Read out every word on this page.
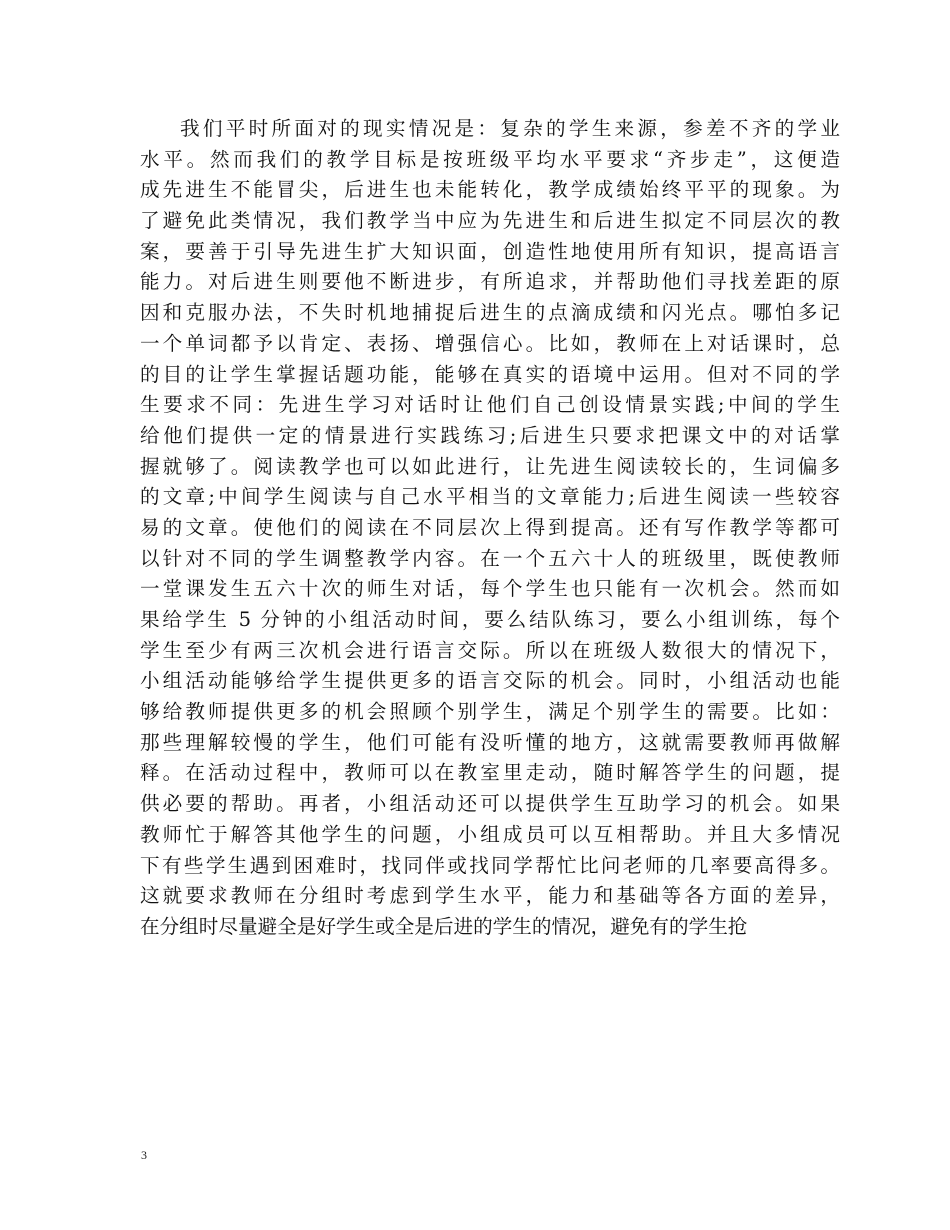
我们平时所面对的现实情况是：复杂的学生来源，参差不齐的学业
水平。然而我们的教学目标是按班级平均水平要求“齐步走”，这便造
成先进生不能冒尖，后进生也未能转化，教学成绩始终平平的现象。为
了避免此类情况，我们教学当中应为先进生和后进生拟定不同层次的教
案，要善于引导先进生扩大知识面，创造性地使用所有知识，提高语言
能力。对后进生则要他不断进步，有所追求，并帮助他们寻找差距的原
因和克服办法，不失时机地捕捉后进生的点滴成绩和闪光点。哪怕多记
一个单词都予以肯定、表扬、增强信心。比如，教师在上对话课时，总
的目的让学生掌握话题功能，能够在真实的语境中运用。但对不同的学
生要求不同：先进生学习对话时让他们自己创设情景实践;中间的学生
给他们提供一定的情景进行实践练习;后进生只要求把课文中的对话掌
握就够了。阅读教学也可以如此进行，让先进生阅读较长的，生词偏多
的文章;中间学生阅读与自己水平相当的文章能力;后进生阅读一些较容
易的文章。使他们的阅读在不同层次上得到提高。还有写作教学等都可
以针对不同的学生调整教学内容。在一个五六十人的班级里，既使教师
一堂课发生五六十次的师生对话，每个学生也只能有一次机会。然而如
果给学生 5 分钟的小组活动时间，要么结队练习，要么小组训练，每个
学生至少有两三次机会进行语言交际。所以在班级人数很大的情况下，
小组活动能够给学生提供更多的语言交际的机会。同时，小组活动也能
够给教师提供更多的机会照顾个别学生，满足个别学生的需要。比如：
那些理解较慢的学生，他们可能有没听懂的地方，这就需要教师再做解
释。在活动过程中，教师可以在教室里走动，随时解答学生的问题，提
供必要的帮助。再者，小组活动还可以提供学生互助学习的机会。如果
教师忙于解答其他学生的问题，小组成员可以互相帮助。并且大多情况
下有些学生遇到困难时，找同伴或找同学帮忙比问老师的几率要高得多。
这就要求教师在分组时考虑到学生水平，能力和基础等各方面的差异，
在分组时尽量避全是好学生或全是后进的学生的情况，避免有的学生抢
3
